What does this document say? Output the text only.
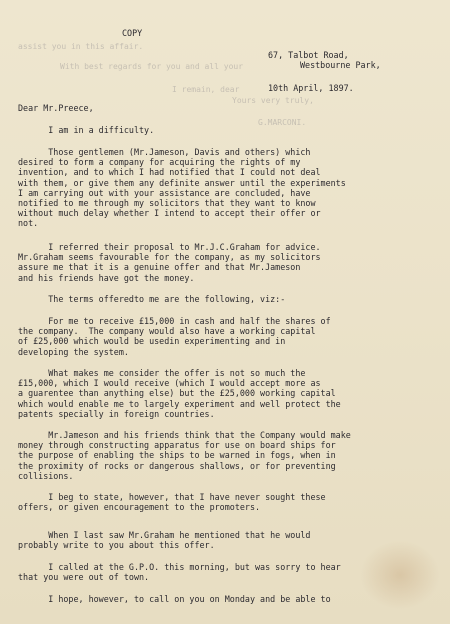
assist you in this affair.
With best regards for you and all your
I remain, dear
Yours very truly,
G.MARCONI.
COPY
67, Talbot Road,
Westbourne Park,
10th April, 1897.
Dear Mr.Preece,
I am in a difficulty.
Those gentlemen (Mr.Jameson, Davis and others) which
desired to form a company for acquiring the rights of my
invention, and to which I had notified that I could not deal
with them, or give them any definite answer until the experiments
I am carrying out with your assistance are concluded, have
notified to me through my solicitors that they want to know
without much delay whether I intend to accept their offer or
not.
I referred their proposal to Mr.J.C.Graham for advice.
Mr.Graham seems favourable for the company, as my solicitors
assure me that it is a genuine offer and that Mr.Jameson
and his friends have got the money.
The terms offeredto me are the following, viz:-
For me to receive £15,000 in cash and half the shares of
the company.  The company would also have a working capital
of £25,000 which would be usedin experimenting and in
developing the system.
What makes me consider the offer is not so much the
£15,000, which I would receive (which I would accept more as
a guarentee than anything else) but the £25,000 working capital
which would enable me to largely experiment and well protect the
patents specially in foreign countries.
Mr.Jameson and his friends think that the Company would make
money through constructing apparatus for use on board ships for
the purpose of enabling the ships to be warned in fogs, when in
the proximity of rocks or dangerous shallows, or for preventing
collisions.
I beg to state, however, that I have never sought these
offers, or given encouragement to the promoters.
When I last saw Mr.Graham he mentioned that he would
probably write to you about this offer.
I called at the G.P.O. this morning, but was sorry to hear
that you were out of town.
I hope, however, to call on you on Monday and be able to
